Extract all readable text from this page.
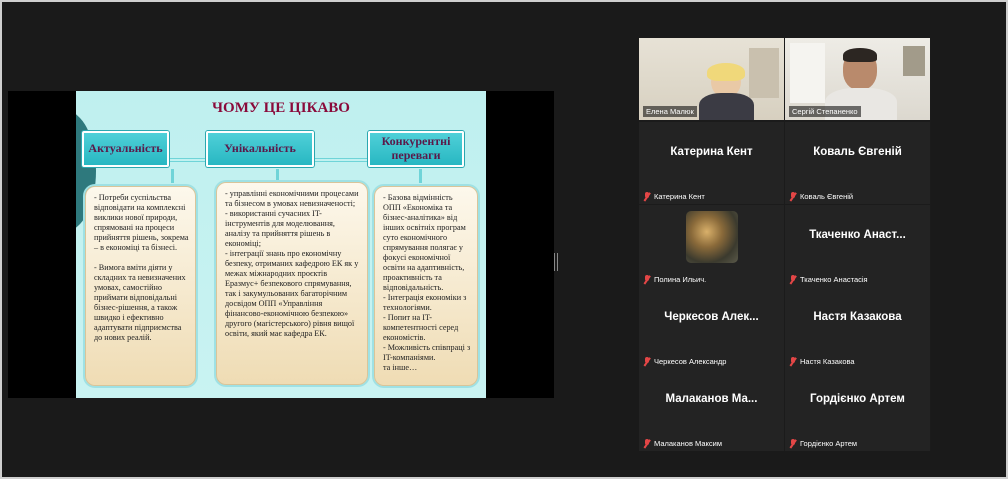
ЧОМУ ЦЕ ЦІКАВО
Актуальність	Унікальність	Конкурентні переваги
- Потреби суспільства відповідати на комплексні виклики нової природи, спрямовані на процеси прийняття рішень, зокрема – в економіці та бізнесі.

- Вимога вміти діяти у складних та невизначених умовах, самостійно приймати відповідальні бізнес-рішення, а також швидко і ефективно адаптувати підприємства до нових реалій.
- управлінні економічними процесами та бізнесом в умовах невизначеності;
- використанні сучасних IT-інструментів для моделювання, аналізу та прийняття рішень в економіці;
- інтеграції знань про економічну безпеку, отриманих кафедрою ЕК як у межах міжнародних проєктів Еразмус+ безпекового спрямування, так і закумульованих багаторічним досвідом ОПП «Управління фінансово-економічною безпекою» другого (магістерського) рівня вищої освіти, який має кафедра ЕК.
- Базова відмінність ОПП «Економіка та бізнес-аналітика» від інших освітніх програм суто економічного спрямування полягає у фокусі економічної освіти на адаптивність, проактивність та відповідальність.
- Інтеграція економіки з технологіями.
- Попит на IT-компетентності серед економістів.
- Можливість співпраці з IT-компаніями.
та інше…
Елена Малюк	Сергій Степаненко
Катерина Кент
Катерина Кент
Коваль Євгеній
Коваль Євгеній
Полина Ильич.
Ткаченко Анаст...
Ткаченко Анастасія
Черкесов Алек...
Черкесов Александр
Настя Казакова
Настя Казакова
Малаканов Ма...
Малаканов Максим
Гордієнко Артем
Гордієнко Артем
